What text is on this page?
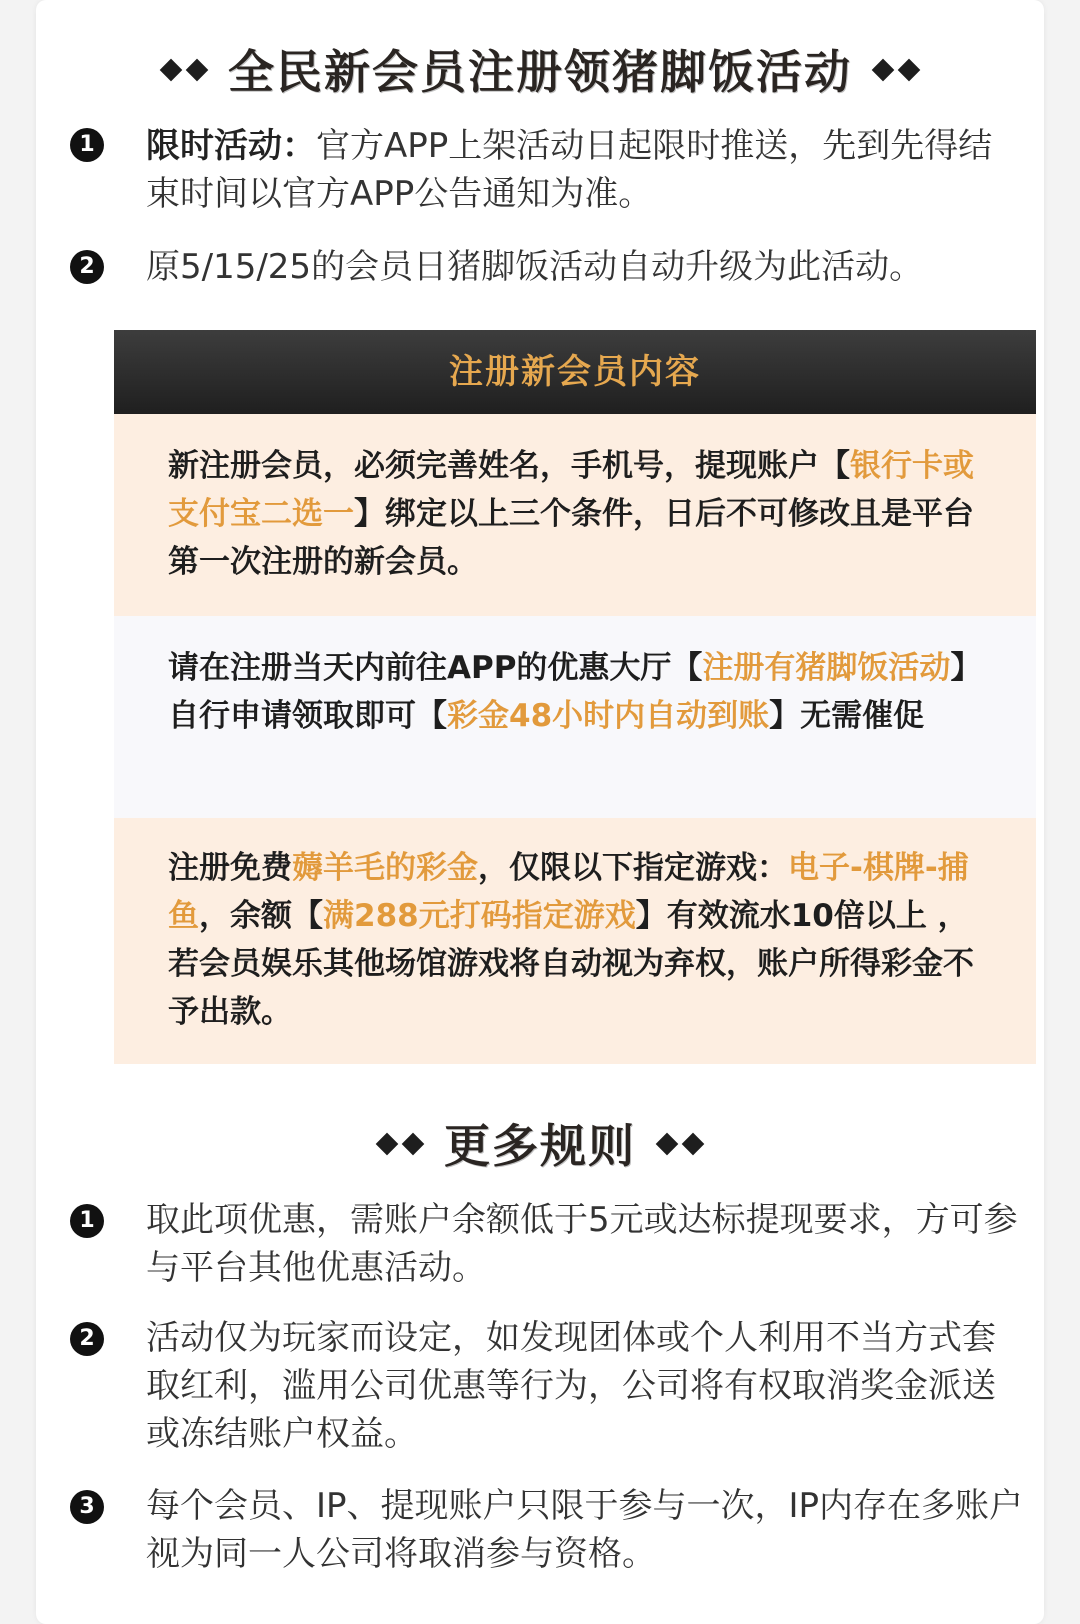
全民新会员注册领猪脚饭活动
1 限时活动：官方APP上架活动日起限时推送，先到先得结束时间以官方APP公告通知为准。
2 原5/15/25的会员日猪脚饭活动自动升级为此活动。
注册新会员内容
新注册会员，必须完善姓名，手机号，提现账户【银行卡或支付宝二选一】绑定以上三个条件，日后不可修改且是平台第一次注册的新会员。
请在注册当天内前往APP的优惠大厅【注册有猪脚饭活动】自行申请领取即可【彩金48小时内自动到账】无需催促
注册免费薅羊毛的彩金，仅限以下指定游戏：电子-棋牌-捕鱼，余额【满288元打码指定游戏】有效流水10倍以上 ，若会员娱乐其他场馆游戏将自动视为弃权，账户所得彩金不予出款。
更多规则
1 取此项优惠，需账户余额低于5元或达标提现要求，方可参与平台其他优惠活动。
2 活动仅为玩家而设定，如发现团体或个人利用不当方式套取红利，滥用公司优惠等行为，公司将有权取消奖金派送或冻结账户权益。
3 每个会员、IP、提现账户只限于参与一次，IP内存在多账户视为同一人公司将取消参与资格。
